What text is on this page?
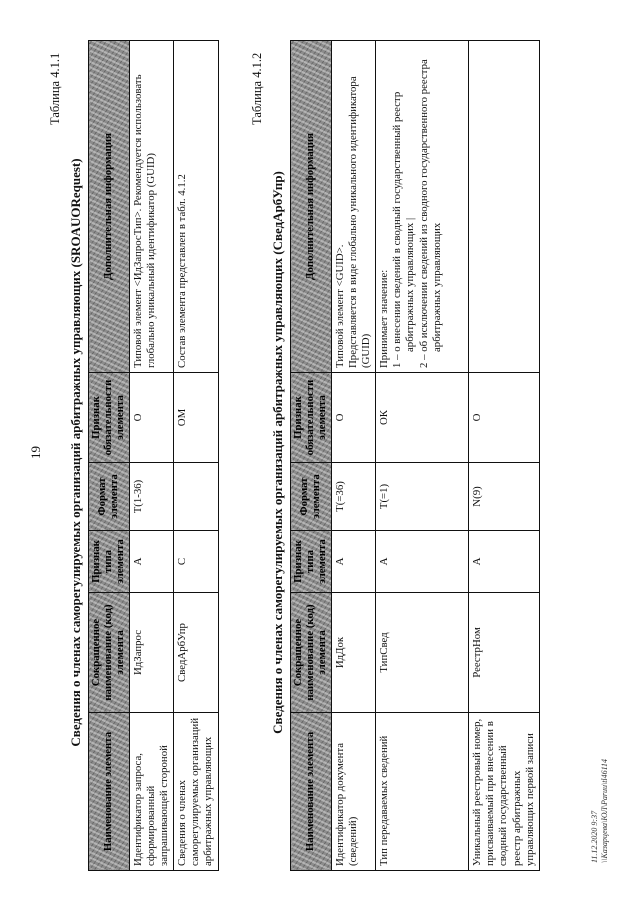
19
Таблица 4.1.1
Сведения о членах саморегулируемых организаций арбитражных управляющих (SROAUORequest)
Наименование элемента	Сокращенное наименование (код) элемента	Признак типа элемента	Формат элемента	Признак обязательности элемента	Дополнительная информация
Идентификатор запроса, сформированный запрашивающей стороной	ИдЗапрос	А	Т(1-36)	О	Типовой элемент <ИдЗапросТип>. Рекомендуется использовать глобально уникальный идентификатор (GUID)
Сведения о членах саморегулируемых организаций арбитражных управляющих	СведАрбУпр	С		ОМ	Состав элемента представлен в табл. 4.1.2
Таблица 4.1.2
Сведения о членах саморегулируемых организаций арбитражных управляющих (СведАрбУпр)
Наименование элемента	Сокращенное наименование (код) элемента	Признак типа элемента	Формат элемента	Признак обязательности элемента	Дополнительная информация
Идентификатор документа (сведений)	ИдДок	А	Т(=36)	О	Типовой элемент <GUID>. Представляется в виде глобально уникального идентификатора (GUID)

Тип передаваемых сведений	ТипСвед	А	Т(=1)	ОК	Принимает значение: 1 – о внесении сведений в сводный государственный реестр арбитражных управляющих | 2 – об исключении сведений из сводного государственного реестра арбитражных управляющих

Уникальный реестровый номер, присваиваемый при внесении в сводный государственный реестр арбитражных управляющих первой записи	РеестрНом	А	N(9)	О	
11.12.2020 9:37 \\Казарцева\ЮЛ\Рaruu\tl46114
